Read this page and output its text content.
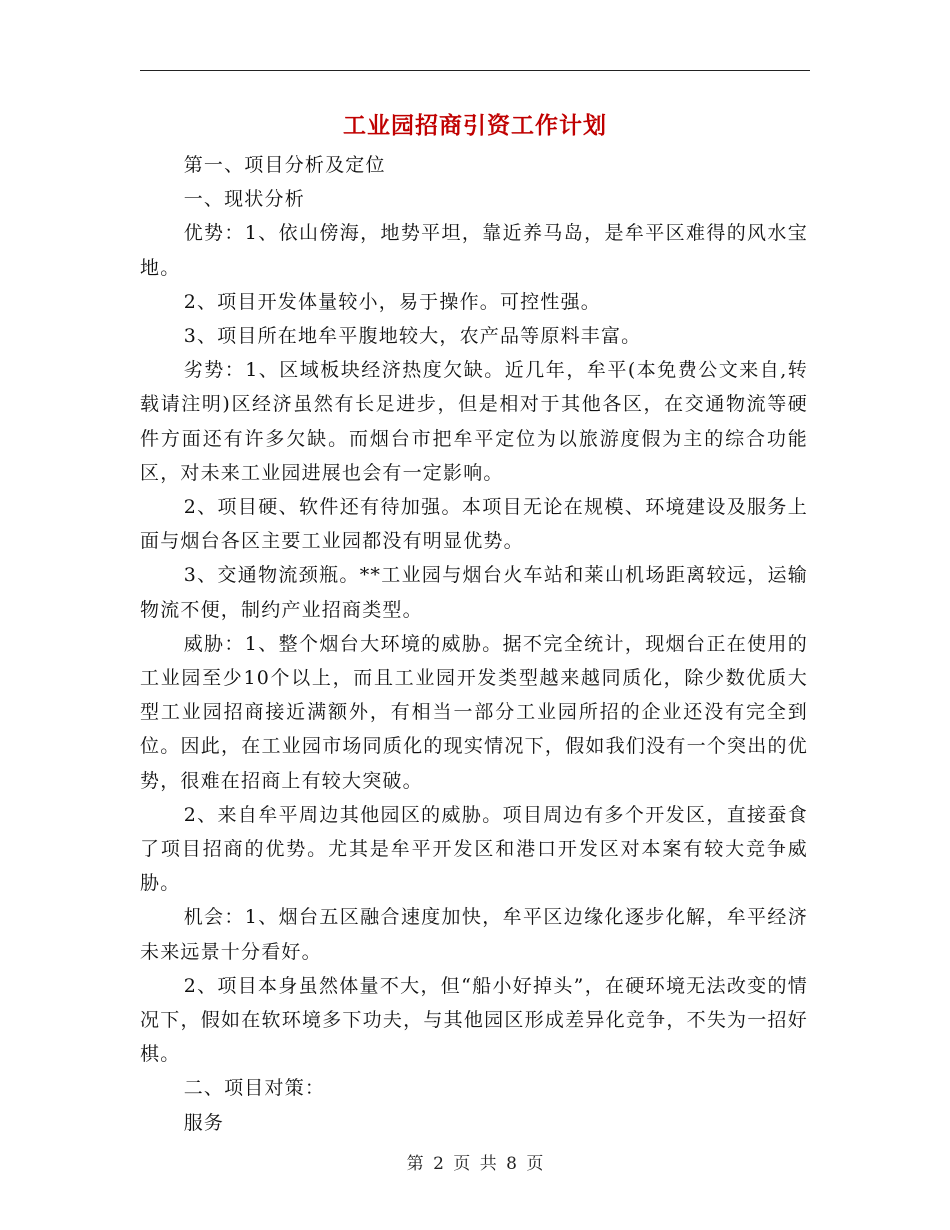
工业园招商引资工作计划

第一、项目分析及定位

一、现状分析

优势：1、依山傍海，地势平坦，靠近养马岛，是牟平区难得的风水宝地。

2、项目开发体量较小，易于操作。可控性强。

3、项目所在地牟平腹地较大，农产品等原料丰富。

劣势：1、区域板块经济热度欠缺。近几年，牟平(本免费公文来自,转载请注明)区经济虽然有长足进步，但是相对于其他各区，在交通物流等硬件方面还有许多欠缺。而烟台市把牟平定位为以旅游度假为主的综合功能区，对未来工业园进展也会有一定影响。

2、项目硬、软件还有待加强。本项目无论在规模、环境建设及服务上面与烟台各区主要工业园都没有明显优势。

3、交通物流颈瓶。**工业园与烟台火车站和莱山机场距离较远，运输物流不便，制约产业招商类型。

威胁：1、整个烟台大环境的威胁。据不完全统计，现烟台正在使用的工业园至少10个以上，而且工业园开发类型越来越同质化，除少数优质大型工业园招商接近满额外，有相当一部分工业园所招的企业还没有完全到位。因此，在工业园市场同质化的现实情况下，假如我们没有一个突出的优势，很难在招商上有较大突破。

2、来自牟平周边其他园区的威胁。项目周边有多个开发区，直接蚕食了项目招商的优势。尤其是牟平开发区和港口开发区对本案有较大竞争威胁。

机会：1、烟台五区融合速度加快，牟平区边缘化逐步化解，牟平经济未来远景十分看好。

2、项目本身虽然体量不大，但“船小好掉头”，在硬环境无法改变的情况下，假如在软环境多下功夫，与其他园区形成差异化竞争，不失为一招好棋。

二、项目对策：

服务

第 2 页 共 8 页
